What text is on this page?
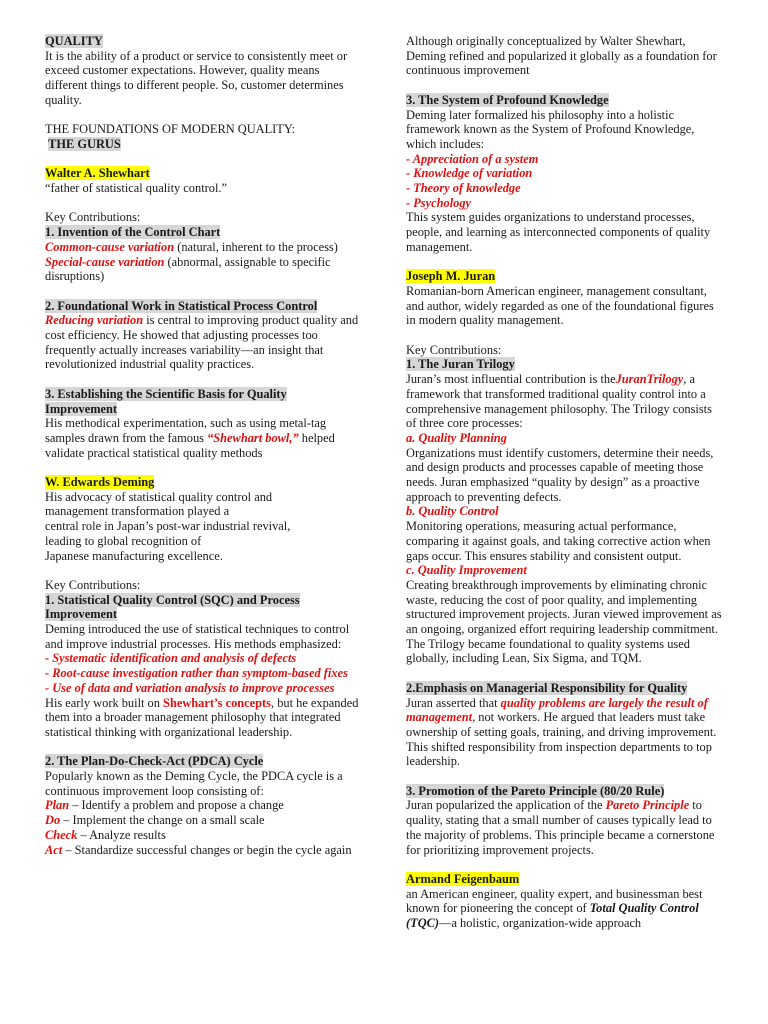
QUALITY

It is the ability of a product or service to consistently meet or exceed customer expectations. However, quality means different things to different people. So, customer determines quality.

THE FOUNDATIONS OF MODERN QUALITY:

THE GURUS

Walter A. Shewhart

“father of statistical quality control.”

Key Contributions:

1. Invention of the Control Chart

Common-cause variation (natural, inherent to the process)

Special-cause variation (abnormal, assignable to specific disruptions)

2. Foundational Work in Statistical Process Control

Reducing variation is central to improving product quality and cost efficiency. He showed that adjusting processes too frequently actually increases variability—an insight that revolutionized industrial quality practices.

3. Establishing the Scientific Basis for Quality Improvement

His methodical experimentation, such as using metal-tag samples drawn from the famous “Shewhart bowl,” helped validate practical statistical quality methods

W. Edwards Deming

His advocacy of statistical quality control and

management transformation played a

central role in Japan’s post-war industrial revival,

leading to global recognition of

Japanese manufacturing excellence.

Key Contributions:

1. Statistical Quality Control (SQC) and Process Improvement

Deming introduced the use of statistical techniques to control and improve industrial processes. His methods emphasized:

- Systematic identification and analysis of defects

- Root-cause investigation rather than symptom-based fixes

- Use of data and variation analysis to improve processes

His early work built on Shewhart’s concepts, but he expanded them into a broader management philosophy that integrated statistical thinking with organizational leadership.

2. The Plan-Do-Check-Act (PDCA) Cycle

Popularly known as the Deming Cycle, the PDCA cycle is a continuous improvement loop consisting of:

Plan – Identify a problem and propose a change

Do – Implement the change on a small scale

Check – Analyze results

Act – Standardize successful changes or begin the cycle again

Although originally conceptualized by Walter Shewhart, Deming refined and popularized it globally as a foundation for continuous improvement

3. The System of Profound Knowledge

Deming later formalized his philosophy into a holistic framework known as the System of Profound Knowledge, which includes:

- Appreciation of a system

- Knowledge of variation

- Theory of knowledge

- Psychology

This system guides organizations to understand processes, people, and learning as interconnected components of quality management.

Joseph M. Juran

Romanian-born American engineer, management consultant, and author, widely regarded as one of the foundational figures in modern quality management.

Key Contributions:

1. The Juran Trilogy

Juran’s most influential contribution is theJuranTrilogy, a framework that transformed traditional quality control into a comprehensive management philosophy. The Trilogy consists of three core processes:

a. Quality Planning

Organizations must identify customers, determine their needs, and design products and processes capable of meeting those needs. Juran emphasized “quality by design” as a proactive approach to preventing defects.

b. Quality Control

Monitoring operations, measuring actual performance, comparing it against goals, and taking corrective action when gaps occur. This ensures stability and consistent output.

c. Quality Improvement

Creating breakthrough improvements by eliminating chronic waste, reducing the cost of poor quality, and implementing structured improvement projects. Juran viewed improvement as an ongoing, organized effort requiring leadership commitment.

The Trilogy became foundational to quality systems used globally, including Lean, Six Sigma, and TQM.

2.Emphasis on Managerial Responsibility for Quality

Juran asserted that quality problems are largely the result of management, not workers. He argued that leaders must take ownership of setting goals, training, and driving improvement. This shifted responsibility from inspection departments to top leadership.

3. Promotion of the Pareto Principle (80/20 Rule)

Juran popularized the application of the Pareto Principle to quality, stating that a small number of causes typically lead to the majority of problems. This principle became a cornerstone for prioritizing improvement projects.

Armand Feigenbaum

an American engineer, quality expert, and businessman best known for pioneering the concept of Total Quality Control (TQC)—a holistic, organization-wide approach
